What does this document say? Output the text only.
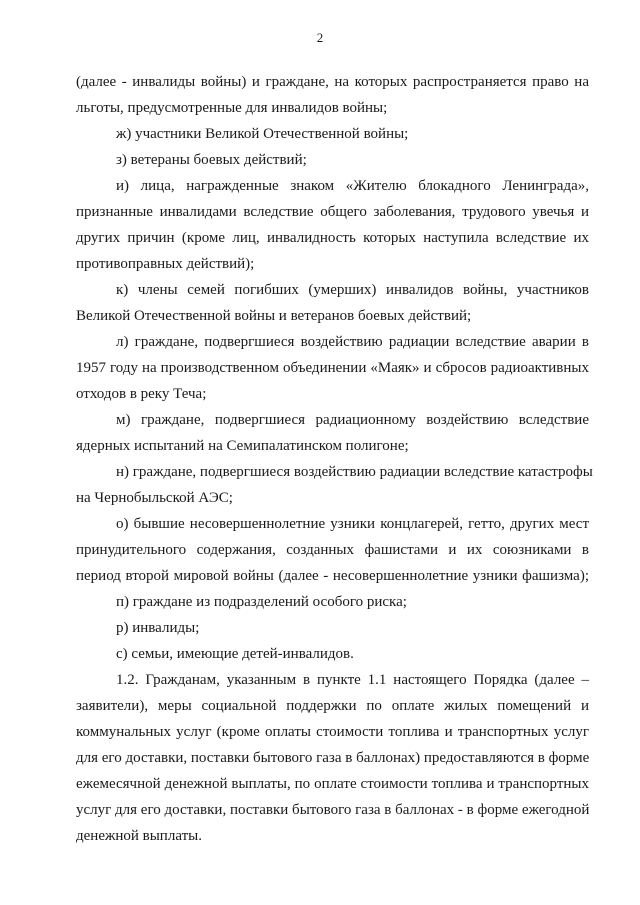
2
(далее - инвалиды войны) и граждане, на которых распространяется право на
льготы, предусмотренные для инвалидов войны;
ж) участники Великой Отечественной войны;
з) ветераны боевых действий;
и) лица, награжденные знаком «Жителю блокадного Ленинграда»,
признанные инвалидами вследствие общего заболевания, трудового увечья и
других причин (кроме лиц, инвалидность которых наступила вследствие их
противоправных действий);
к) члены семей погибших (умерших) инвалидов войны, участников
Великой Отечественной войны и ветеранов боевых действий;
л) граждане, подвергшиеся воздействию радиации вследствие аварии в
1957 году на производственном объединении «Маяк» и сбросов радиоактивных
отходов в реку Теча;
м) граждане, подвергшиеся радиационному воздействию вследствие
ядерных испытаний на Семипалатинском полигоне;
н) граждане, подвергшиеся воздействию радиации вследствие катастрофы
на Чернобыльской АЭС;
о) бывшие несовершеннолетние узники концлагерей, гетто, других мест
принудительного содержания, созданных фашистами и их союзниками в
период второй мировой войны (далее - несовершеннолетние узники фашизма);
п) граждане из подразделений особого риска;
р) инвалиды;
с) семьи, имеющие детей-инвалидов.
1.2. Гражданам, указанным в пункте 1.1 настоящего Порядка (далее –
заявители), меры социальной поддержки по оплате жилых помещений и
коммунальных услуг (кроме оплаты стоимости топлива и транспортных услуг
для его доставки, поставки бытового газа в баллонах) предоставляются в форме
ежемесячной денежной выплаты, по оплате стоимости топлива и транспортных
услуг для его доставки, поставки бытового газа в баллонах - в форме ежегодной
денежной выплаты.
